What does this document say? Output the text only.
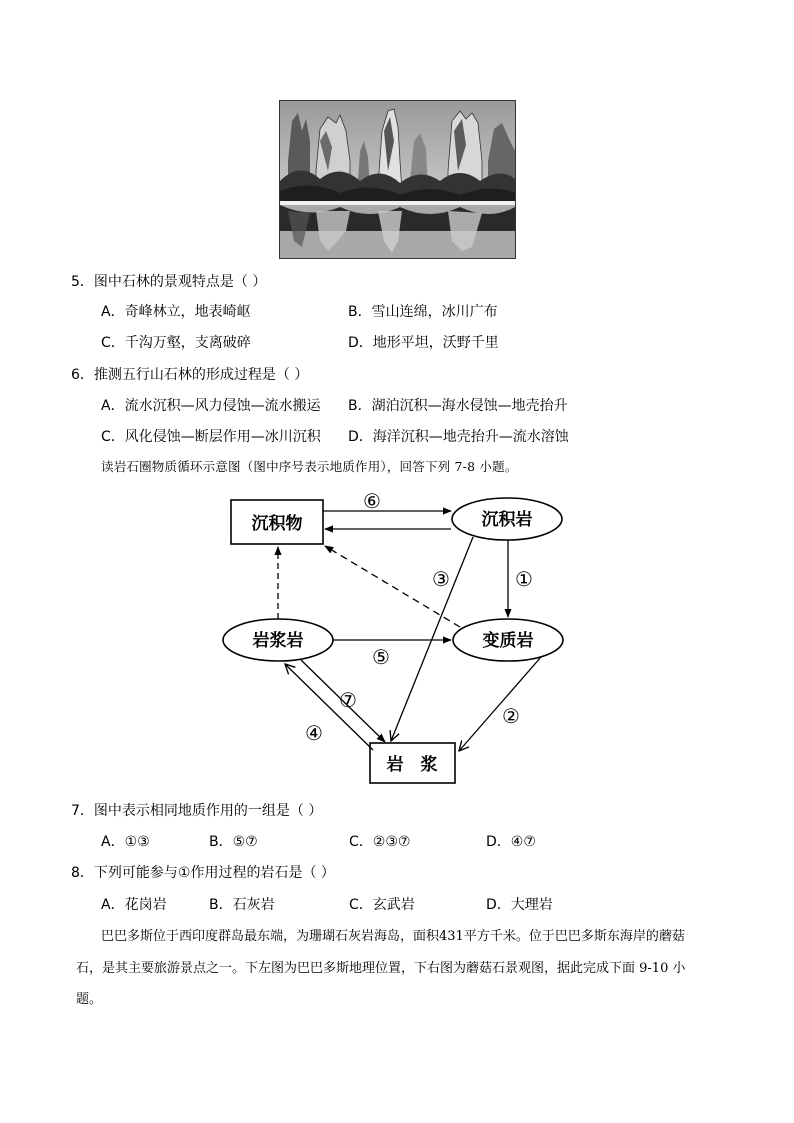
5．图中石林的景观特点是（ ）
A．奇峰林立，地表崎岖	B．雪山连绵，冰川广布
C．千沟万壑，支离破碎	D．地形平坦，沃野千里
6．推测五行山石林的形成过程是（ ）
A．流水沉积—风力侵蚀—流水搬运 B．湖泊沉积—海水侵蚀—地壳抬升
C．风化侵蚀—断层作用—冰川沉积 D．海洋沉积—地壳抬升—流水溶蚀
读岩石圈物质循环示意图（图中序号表示地质作用），回答下列 7-8 小题。
沉积物	沉积岩
岩浆岩	变质岩
岩　浆
⑥
①
③
⑤
②
⑦
④
7．图中表示相同地质作用的一组是（ ）
A．①③	B．⑤⑦	C．②③⑦	D．④⑦
8．下列可能参与①作用过程的岩石是（ ）
A．花岗岩	B．石灰岩	C．玄武岩	D．大理岩
巴巴多斯位于西印度群岛最东端，为珊瑚石灰岩海岛，面积431平方千米。位于巴巴多斯东海岸的蘑菇
石，是其主要旅游景点之一。下左图为巴巴多斯地理位置，下右图为蘑菇石景观图，据此完成下面 9-10 小
题。
